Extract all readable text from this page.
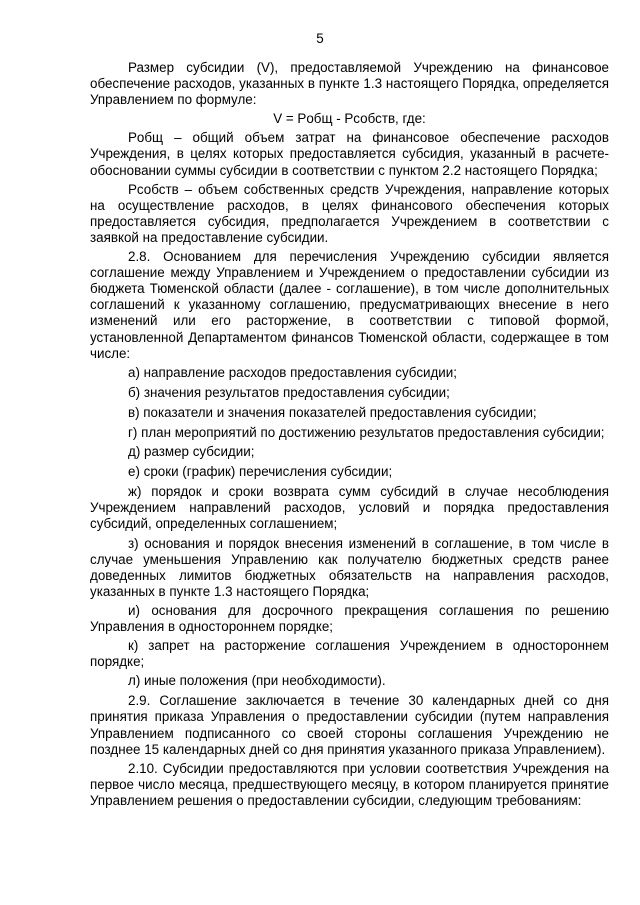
5

Размер субсидии (V), предоставляемой Учреждению на финансовое обеспечение расходов, указанных в пункте 1.3 настоящего Порядка, определяется Управлением по формуле:

V = Pобщ - Pсобств, где:

Pобщ – общий объем затрат на финансовое обеспечение расходов Учреждения, в целях которых предоставляется субсидия, указанный в расчете-обосновании суммы субсидии в соответствии с пунктом 2.2 настоящего Порядка;

Pсобств – объем собственных средств Учреждения, направление которых на осуществление расходов, в целях финансового обеспечения которых предоставляется субсидия, предполагается Учреждением в соответствии с заявкой на предоставление субсидии.

2.8. Основанием для перечисления Учреждению субсидии является соглашение между Управлением и Учреждением о предоставлении субсидии из бюджета Тюменской области (далее - соглашение), в том числе дополнительных соглашений к указанному соглашению, предусматривающих внесение в него изменений или его расторжение, в соответствии с типовой формой, установленной Департаментом финансов Тюменской области, содержащее в том числе:

а) направление расходов предоставления субсидии;

б) значения результатов предоставления субсидии;

в) показатели и значения показателей предоставления субсидии;

г) план мероприятий по достижению результатов предоставления субсидии;

д) размер субсидии;

е) сроки (график) перечисления субсидии;

ж) порядок и сроки возврата сумм субсидий в случае несоблюдения Учреждением направлений расходов, условий и порядка предоставления субсидий, определенных соглашением;

з) основания и порядок внесения изменений в соглашение, в том числе в случае уменьшения Управлению как получателю бюджетных средств ранее доведенных лимитов бюджетных обязательств на направления расходов, указанных в пункте 1.3 настоящего Порядка;

и) основания для досрочного прекращения соглашения по решению Управления в одностороннем порядке;

к) запрет на расторжение соглашения Учреждением в одностороннем порядке;

л) иные положения (при необходимости).

2.9. Соглашение заключается в течение 30 календарных дней со дня принятия приказа Управления о предоставлении субсидии (путем направления Управлением подписанного со своей стороны соглашения Учреждению не позднее 15 календарных дней со дня принятия указанного приказа Управлением).

2.10. Субсидии предоставляются при условии соответствия Учреждения на первое число месяца, предшествующего месяцу, в котором планируется принятие Управлением решения о предоставлении субсидии, следующим требованиям:
